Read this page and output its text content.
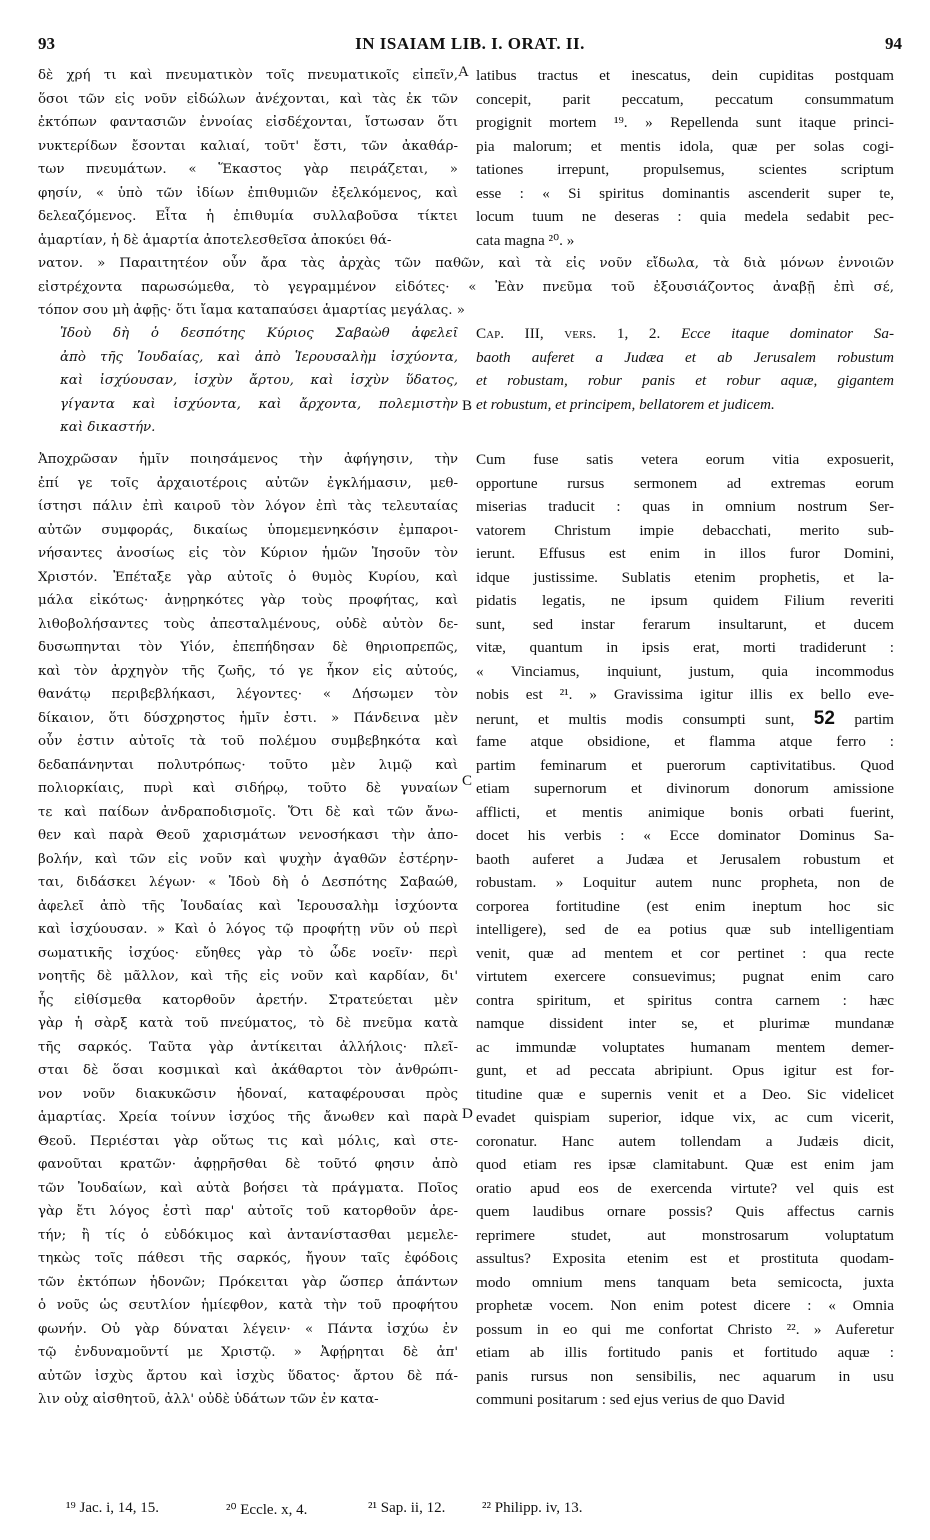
93	IN ISAIAM LIB. I. ORAT. II.	94
δὲ χρή τι καὶ πνευματικὸν τοῖς πνευματικοῖς εἰπεῖν,
ὅσοι τῶν εἰς νοῦν εἰδώλων ἀνέχονται, καὶ τὰς ἐκ τῶν
ἐκτόπων φαντασιῶν ἐννοίας εἰσδέχονται, ἴστωσαν ὅτι
νυκτερίδων ἔσονται καλιαί, τοῦτ' ἔστι, τῶν ἀκαθάρ-
των πνευμάτων. « Ἕκαστος γὰρ πειράζεται, »
φησίν, « ὑπὸ τῶν ἰδίων ἐπιθυμιῶν ἐξελκόμενος, καὶ
δελεαζόμενος. Εἶτα ἡ ἐπιθυμία συλλαβοῦσα τίκτει
ἁμαρτίαν, ἡ δὲ ἁμαρτία ἀποτελεσθεῖσα ἀποκύει θά-
latibus tractus et inescatus, dein cupiditas postquam
concepit, parit peccatum, peccatum consummatum
progignit mortem ¹⁹. » Repellenda sunt itaque princi-
pia malorum; et mentis idola, quæ per solas cogi-
tationes irrepunt, propulsemus, scientes scriptum
esse : « Si spiritus dominantis ascenderit super te,
locum tuum ne deseras : quia medela sedabit pec-
cata magna ²⁰. »
νατον. » Παραιτητέον οὖν ἄρα τὰς ἀρχὰς τῶν παθῶν, καὶ τὰ εἰς νοῦν εἴδωλα, τὰ διὰ μόνων ἐννοιῶν
εἰστρέχοντα παρωσώμεθα, τὸ γεγραμμένον εἰδότες· « Ἐὰν πνεῦμα τοῦ ἐξουσιάζοντος ἀναβῇ ἐπὶ σέ,
τόπον σου μὴ ἀφῇς· ὅτι ἴαμα καταπαύσει ἁμαρτίας μεγάλας. »
Ἰδοὺ δὴ ὁ δεσπότης Κύριος Σαβαὼθ ἀφελεῖ
ἀπὸ τῆς Ἰουδαίας, καὶ ἀπὸ Ἱερουσαλὴμ ἰσχύοντα,
καὶ ἰσχύουσαν, ἰσχὺν ἄρτου, καὶ ἰσχὺν ὕδατος,
γίγαντα καὶ ἰσχύοντα, καὶ ἄρχοντα, πολεμιστὴν
καὶ δικαστήν.
Cap. III, vers. 1, 2. Ecce itaque dominator Sa-
baoth auferet a Judæa et ab Jerusalem robustum
et robustam, robur panis et robur aquæ, gigantem
et robustum, et principem, bellatorem et judicem.
Ἀποχρῶσαν ἡμῖν ποιησάμενος τὴν ἀφήγησιν, τὴν
ἐπί γε τοῖς ἀρχαιοτέροις αὐτῶν ἐγκλήμασιν, μεθ-
ίστησι πάλιν ἐπὶ καιροῦ τὸν λόγον ἐπὶ τὰς τελευταίας
αὐτῶν συμφοράς, δικαίως ὑπομεμενηκόσιν ἐμπαροι-
νήσαντες ἀνοσίως εἰς τὸν Κύριον ἡμῶν Ἰησοῦν τὸν
Χριστόν. Ἐπέταξε γὰρ αὐτοῖς ὁ θυμὸς Κυρίου, καὶ
μάλα εἰκότως· ἀνῃρηκότες γὰρ τοὺς προφήτας, καὶ
λιθοβολήσαντες τοὺς ἀπεσταλμένους, οὐδὲ αὐτὸν δε-
δυσωπηνται τὸν Υἱόν, ἐπεπήδησαν δὲ θηριοπρεπῶς,
καὶ τὸν ἀρχηγὸν τῆς ζωῆς, τό γε ἧκον εἰς αὐτούς,
θανάτῳ περιβεβλήκασι, λέγοντες· « Δήσωμεν τὸν
δίκαιον, ὅτι δύσχρηστος ἡμῖν ἐστι. » Πάνδεινα μὲν
οὖν ἐστιν αὐτοῖς τὰ τοῦ πολέμου συμβεβηκότα καὶ
δεδαπάνηνται πολυτρόπως· τοῦτο μὲν λιμῷ καὶ
πολιορκίαις, πυρὶ καὶ σιδήρῳ, τοῦτο δὲ γυναίων
τε καὶ παίδων ἀνδραποδισμοῖς. Ὅτι δὲ καὶ τῶν ἄνω-
θεν καὶ παρὰ Θεοῦ χαρισμάτων νενοσήκασι τὴν ἀπο-
βολήν, καὶ τῶν εἰς νοῦν καὶ ψυχὴν ἀγαθῶν ἐστέρην-
ται, διδάσκει λέγων· « Ἰδοὺ δὴ ὁ Δεσπότης Σαβαώθ,
ἀφελεῖ ἀπὸ τῆς Ἰουδαίας καὶ Ἱερουσαλὴμ ἰσχύοντα
καὶ ἰσχύουσαν. » Καὶ ὁ λόγος τῷ προφήτῃ νῦν οὐ περὶ
σωματικῆς ἰσχύος· εὔηθες γὰρ τὸ ὧδε νοεῖν· περὶ
νοητῆς δὲ μᾶλλον, καὶ τῆς εἰς νοῦν καὶ καρδίαν, δι'
ἧς εἰθίσμεθα κατορθοῦν ἀρετήν. Στρατεύεται μὲν
γὰρ ἡ σὰρξ κατὰ τοῦ πνεύματος, τὸ δὲ πνεῦμα κατὰ
τῆς σαρκός. Ταῦτα γὰρ ἀντίκειται ἀλλήλοις· πλεῖ-
σται δὲ ὅσαι κοσμικαὶ καὶ ἀκάθαρτοι τὸν ἀνθρώπι-
νον νοῦν διακυκῶσιν ἡδοναί, καταφέρουσαι πρὸς
ἁμαρτίας. Χρεία τοίνυν ἰσχύος τῆς ἄνωθεν καὶ παρὰ
Θεοῦ. Περιέσται γὰρ οὕτως τις καὶ μόλις, καὶ στε-
φανοῦται κρατῶν· ἀφῃρῆσθαι δὲ τοῦτό φησιν ἀπὸ
τῶν Ἰουδαίων, καὶ αὐτὰ βοήσει τὰ πράγματα. Ποῖος
γὰρ ἔτι λόγος ἐστὶ παρ' αὐτοῖς τοῦ κατορθοῦν ἀρε-
τήν; ἢ τίς ὁ εὐδόκιμος καὶ ἀντανίστασθαι μεμελε-
τηκὼς τοῖς πάθεσι τῆς σαρκός, ἤγουν ταῖς ἐφόδοις
τῶν ἐκτόπων ἡδονῶν; Πρόκειται γὰρ ὥσπερ ἁπάντων
ὁ νοῦς ὡς σευτλίον ἡμίεφθον, κατὰ τὴν τοῦ προφήτου
φωνήν. Οὐ γὰρ δύναται λέγειν· « Πάντα ἰσχύω ἐν
τῷ ἐνδυναμοῦντί με Χριστῷ. » Ἀφῄρηται δὲ ἀπ'
αὐτῶν ἰσχὺς ἄρτου καὶ ἰσχὺς ὕδατος· ἄρτου δὲ πά-
λιν οὐχ αἰσθητοῦ, ἀλλ' οὐδὲ ὑδάτων τῶν ἐν κατα-
Cum fuse satis vetera eorum vitia exposuerit,
opportune rursus sermonem ad extremas eorum
miserias traducit : quas in omnium nostrum Ser-
vatorem Christum impie debacchati, merito sub-
ierunt. Effusus est enim in illos furor Domini,
idque justissime. Sublatis etenim prophetis, et la-
pidatis legatis, ne ipsum quidem Filium reveriti
sunt, sed instar ferarum insultarunt, et ducem
vitæ, quantum in ipsis erat, morti tradiderunt :
« Vinciamus, inquiunt, justum, quia incommodus
nobis est ²¹. » Gravissima igitur illis ex bello eve-
nerunt, et multis modis consumpti sunt, 52 partim
fame atque obsidione, et flamma atque ferro :
partim feminarum et puerorum captivitatibus. Quod
etiam supernorum et divinorum donorum amissione
afflicti, et mentis animique bonis orbati fuerint,
docet his verbis : « Ecce dominator Dominus Sa-
baoth auferet a Judæa et Jerusalem robustum et
robustam. » Loquitur autem nunc propheta, non de
corporea fortitudine (est enim ineptum hoc sic
intelligere), sed de ea potius quæ sub intelligentiam
venit, quæ ad mentem et cor pertinet : qua recte
virtutem exercere consuevimus; pugnat enim caro
contra spiritum, et spiritus contra carnem : hæc
namque dissident inter se, et plurimæ mundanæ
ac immundæ voluptates humanam mentem demer-
gunt, et ad peccata abripiunt. Opus igitur est for-
titudine quæ e supernis venit et a Deo. Sic videlicet
evadet quispiam superior, idque vix, ac cum vicerit,
coronatur. Hanc autem tollendam a Judæis dicit,
quod etiam res ipsæ clamitabunt. Quæ est enim jam
oratio apud eos de exercenda virtute? vel quis est
quem laudibus ornare possis? Quis affectus carnis
reprimere studet, aut monstrosarum voluptatum
assultus? Exposita etenim est et prostituta quodam-
modo omnium mens tanquam beta semicocta, juxta
prophetæ vocem. Non enim potest dicere : « Omnia
possum in eo qui me confortat Christo ²². » Auferetur
etiam ab illis fortitudo panis et fortitudo aquæ :
panis rursus non sensibilis, nec aquarum in usu
communi positarum : sed ejus verius de quo David
A
B
C
D
¹⁹ Jac. i, 14, 15.	²⁰ Eccle. x, 4.	²¹ Sap. ii, 12. ²² Philipp. iv, 13.
